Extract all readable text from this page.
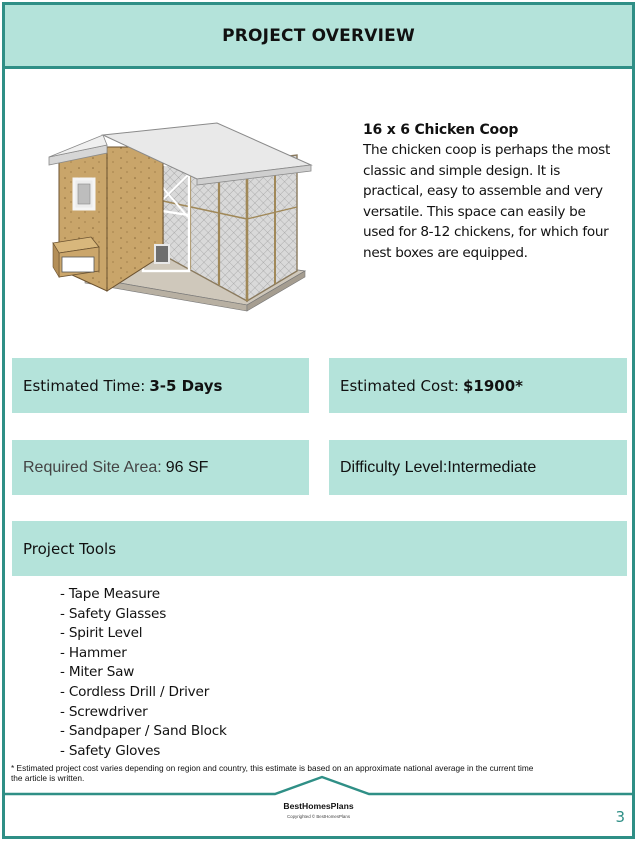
PROJECT OVERVIEW
16 x 6 Chicken Coop
The chicken coop is perhaps the most
classic and simple design. It is
practical, easy to assemble and very
versatile. This space can easily be
used for 8-12 chickens, for which four
nest boxes are equipped.
Estimated Time: 3-5 Days	Estimated Cost: $1900*
Required Site Area: 96 SF	Difficulty Level: Intermediate
Project Tools
- Tape Measure
- Safety Glasses
- Spirit Level
- Hammer
- Miter Saw
- Cordless Drill / Driver
- Screwdriver
- Sandpaper / Sand Block
- Safety Gloves
* Estimated project cost varies depending on region and country, this estimate is based on an approximate national average in the current time
the article is written.
BestHomesPlans
Copyrighted © BestHomesPlans	3
